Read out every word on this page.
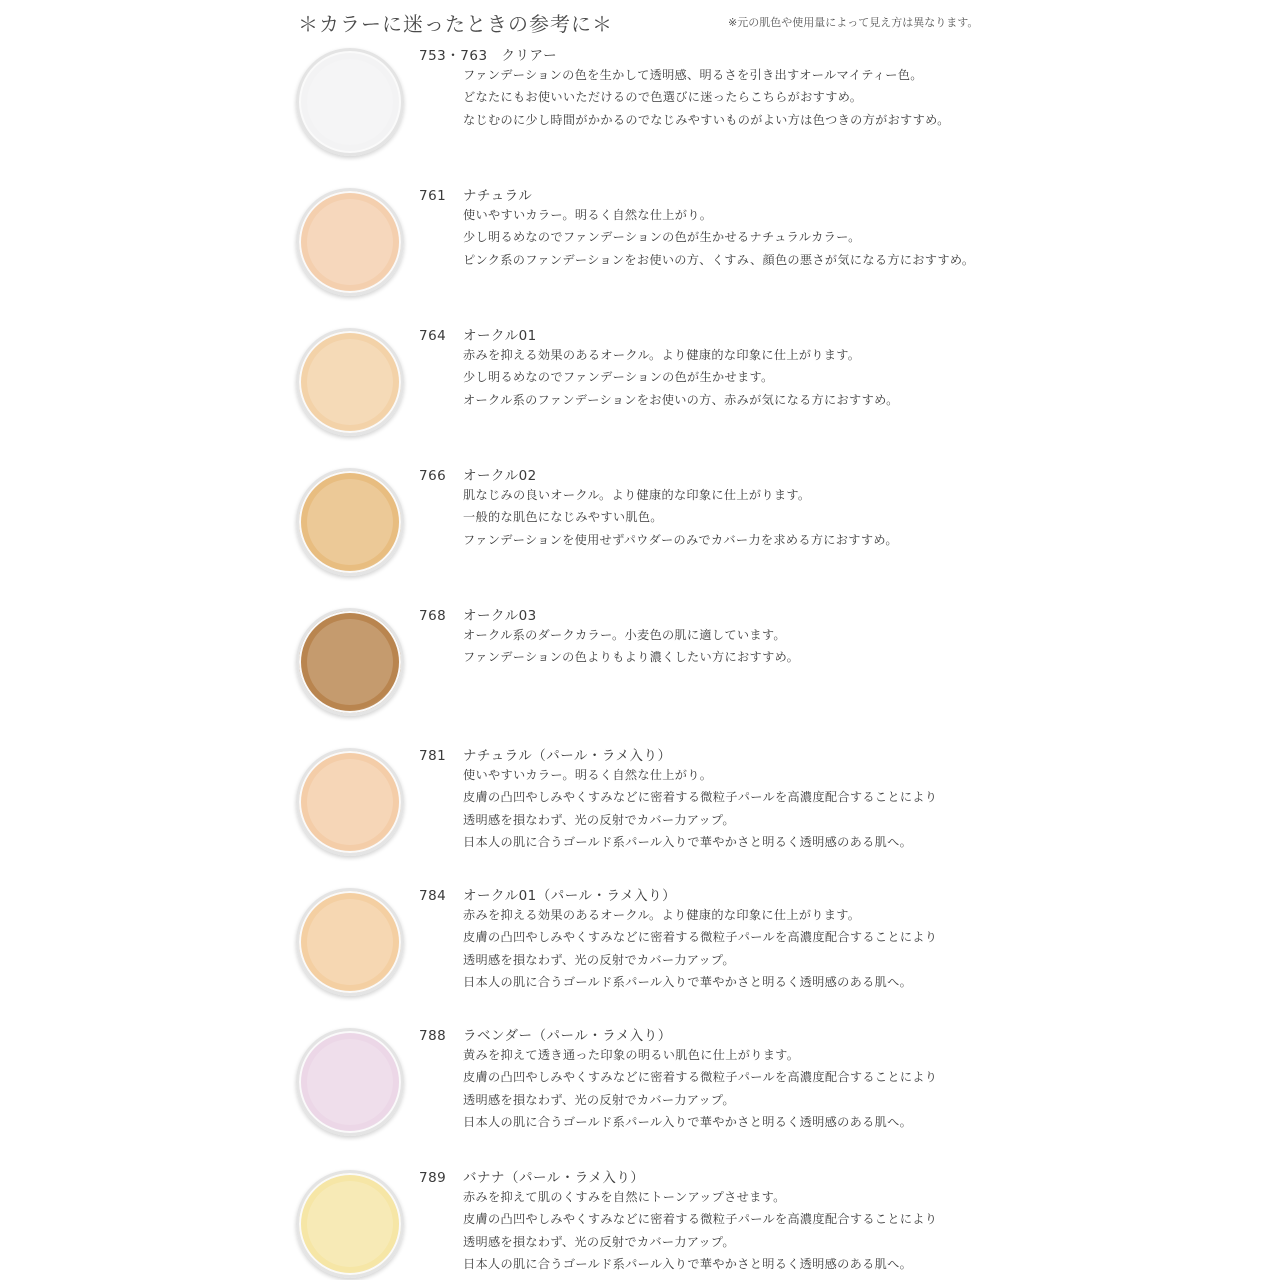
＊カラーに迷ったときの参考に＊	※元の肌色や使用量によって見え方は異なります。
753・763 クリアー
ファンデーションの色を生かして透明感、明るさを引き出すオールマイティー色。
どなたにもお使いいただけるので色選びに迷ったらこちらがおすすめ。
なじむのに少し時間がかかるのでなじみやすいものがよい方は色つきの方がおすすめ。
761 ナチュラル
使いやすいカラー。明るく自然な仕上がり。
少し明るめなのでファンデーションの色が生かせるナチュラルカラー。
ピンク系のファンデーションをお使いの方、くすみ、顔色の悪さが気になる方におすすめ。
764 オークル01
赤みを抑える効果のあるオークル。より健康的な印象に仕上がります。
少し明るめなのでファンデーションの色が生かせます。
オークル系のファンデーションをお使いの方、赤みが気になる方におすすめ。
766 オークル02
肌なじみの良いオークル。より健康的な印象に仕上がります。
一般的な肌色になじみやすい肌色。
ファンデーションを使用せずパウダーのみでカバー力を求める方におすすめ。
768 オークル03
オークル系のダークカラー。小麦色の肌に適しています。
ファンデーションの色よりもより濃くしたい方におすすめ。
781 ナチュラル（パール・ラメ入り）
使いやすいカラー。明るく自然な仕上がり。
皮膚の凸凹やしみやくすみなどに密着する微粒子パールを高濃度配合することにより
透明感を損なわず、光の反射でカバー力アップ。
日本人の肌に合うゴールド系パール入りで華やかさと明るく透明感のある肌へ。
784 オークル01（パール・ラメ入り）
赤みを抑える効果のあるオークル。より健康的な印象に仕上がります。
皮膚の凸凹やしみやくすみなどに密着する微粒子パールを高濃度配合することにより
透明感を損なわず、光の反射でカバー力アップ。
日本人の肌に合うゴールド系パール入りで華やかさと明るく透明感のある肌へ。
788 ラベンダー（パール・ラメ入り）
黄みを抑えて透き通った印象の明るい肌色に仕上がります。
皮膚の凸凹やしみやくすみなどに密着する微粒子パールを高濃度配合することにより
透明感を損なわず、光の反射でカバー力アップ。
日本人の肌に合うゴールド系パール入りで華やかさと明るく透明感のある肌へ。
789 バナナ（パール・ラメ入り）
赤みを抑えて肌のくすみを自然にトーンアップさせます。
皮膚の凸凹やしみやくすみなどに密着する微粒子パールを高濃度配合することにより
透明感を損なわず、光の反射でカバー力アップ。
日本人の肌に合うゴールド系パール入りで華やかさと明るく透明感のある肌へ。
